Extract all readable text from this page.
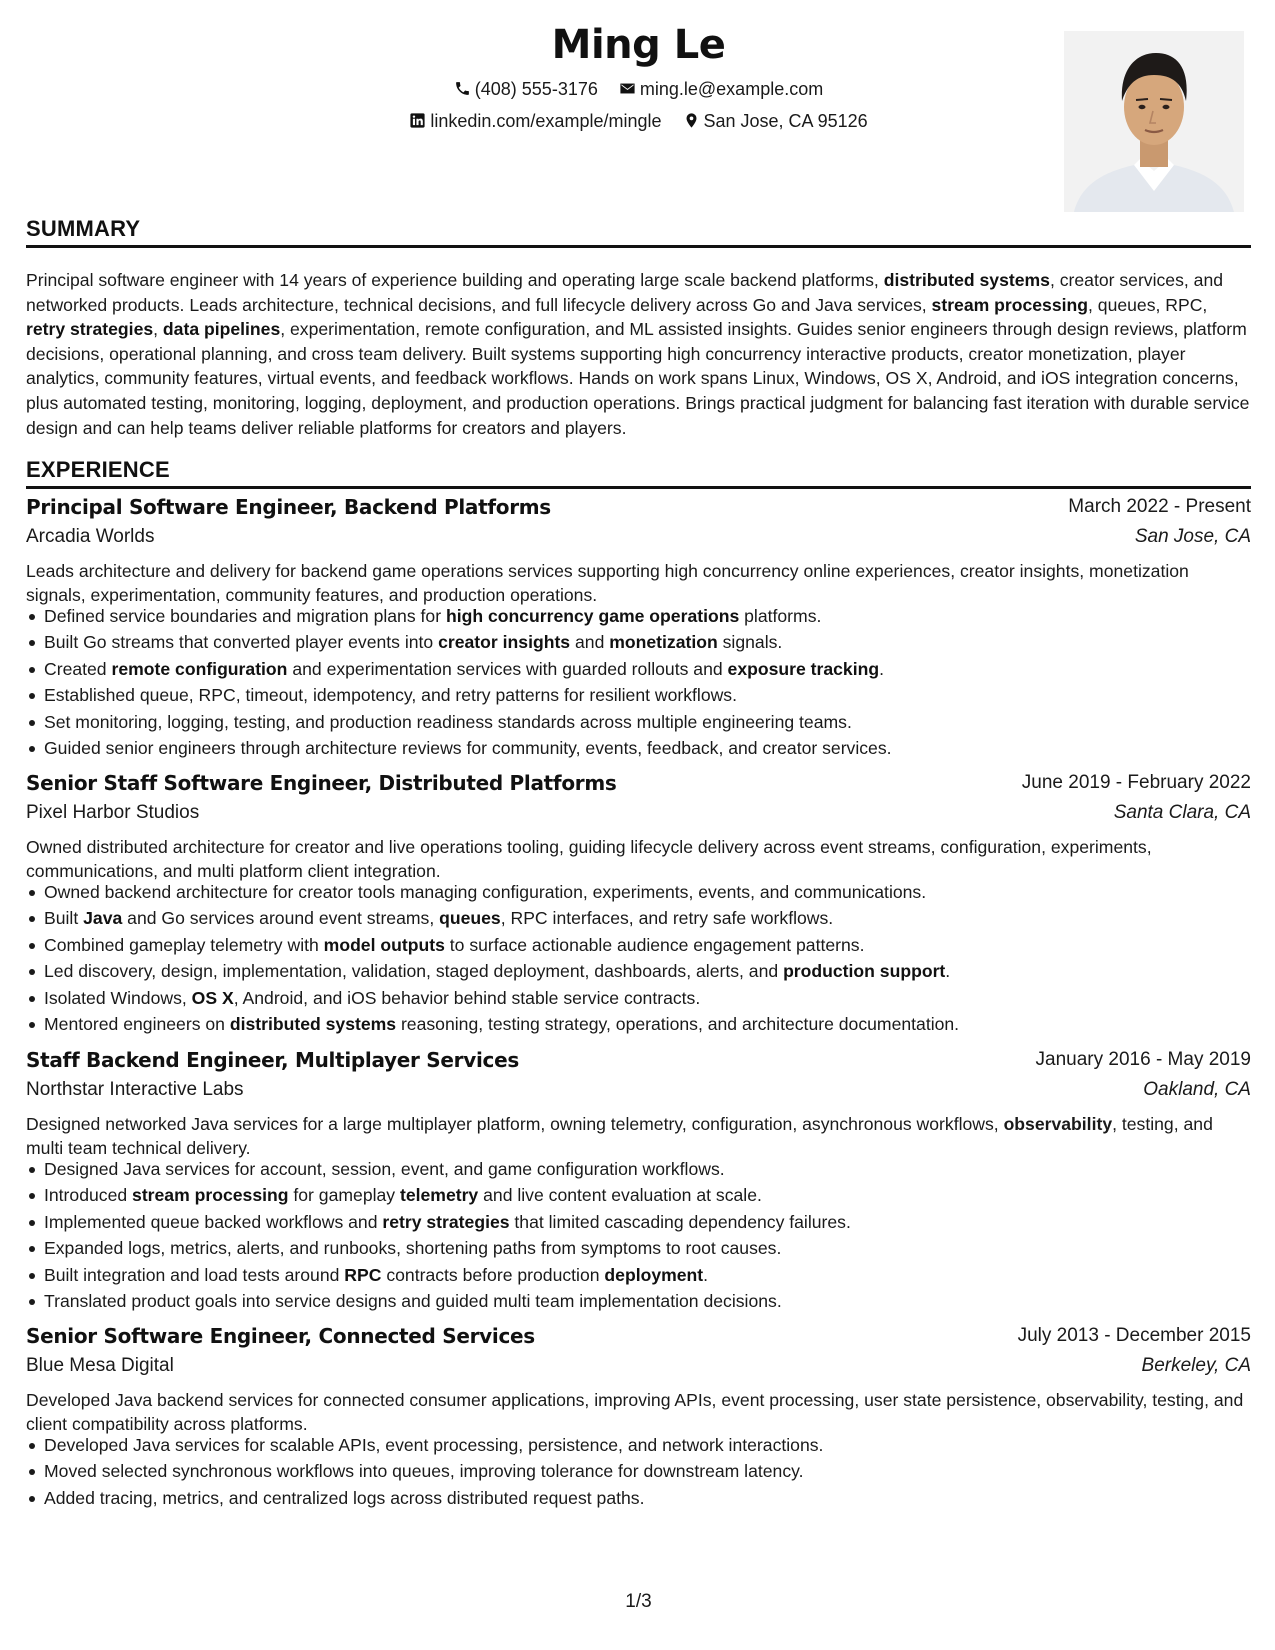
Ming Le
(408) 555-3176 ming.le@example.com
linkedin.com/example/mingle San Jose, CA 95126
SUMMARY
Principal software engineer with 14 years of experience building and operating large scale backend platforms, distributed systems, creator services, and networked products. Leads architecture, technical decisions, and full lifecycle delivery across Go and Java services, stream processing, queues, RPC, retry strategies, data pipelines, experimentation, remote configuration, and ML assisted insights. Guides senior engineers through design reviews, platform decisions, operational planning, and cross team delivery. Built systems supporting high concurrency interactive products, creator monetization, player analytics, community features, virtual events, and feedback workflows. Hands on work spans Linux, Windows, OS X, Android, and iOS integration concerns, plus automated testing, monitoring, logging, deployment, and production operations. Brings practical judgment for balancing fast iteration with durable service design and can help teams deliver reliable platforms for creators and players.
EXPERIENCE
Principal Software Engineer, Backend Platforms	March 2022 - Present
Arcadia Worlds	San Jose, CA
Leads architecture and delivery for backend game operations services supporting high concurrency online experiences, creator insights, monetization signals, experimentation, community features, and production operations.
Defined service boundaries and migration plans for high concurrency game operations platforms.
Built Go streams that converted player events into creator insights and monetization signals.
Created remote configuration and experimentation services with guarded rollouts and exposure tracking.
Established queue, RPC, timeout, idempotency, and retry patterns for resilient workflows.
Set monitoring, logging, testing, and production readiness standards across multiple engineering teams.
Guided senior engineers through architecture reviews for community, events, feedback, and creator services.
Senior Staff Software Engineer, Distributed Platforms	June 2019 - February 2022
Pixel Harbor Studios	Santa Clara, CA
Owned distributed architecture for creator and live operations tooling, guiding lifecycle delivery across event streams, configuration, experiments, communications, and multi platform client integration.
Owned backend architecture for creator tools managing configuration, experiments, events, and communications.
Built Java and Go services around event streams, queues, RPC interfaces, and retry safe workflows.
Combined gameplay telemetry with model outputs to surface actionable audience engagement patterns.
Led discovery, design, implementation, validation, staged deployment, dashboards, alerts, and production support.
Isolated Windows, OS X, Android, and iOS behavior behind stable service contracts.
Mentored engineers on distributed systems reasoning, testing strategy, operations, and architecture documentation.
Staff Backend Engineer, Multiplayer Services	January 2016 - May 2019
Northstar Interactive Labs	Oakland, CA
Designed networked Java services for a large multiplayer platform, owning telemetry, configuration, asynchronous workflows, observability, testing, and multi team technical delivery.
Designed Java services for account, session, event, and game configuration workflows.
Introduced stream processing for gameplay telemetry and live content evaluation at scale.
Implemented queue backed workflows and retry strategies that limited cascading dependency failures.
Expanded logs, metrics, alerts, and runbooks, shortening paths from symptoms to root causes.
Built integration and load tests around RPC contracts before production deployment.
Translated product goals into service designs and guided multi team implementation decisions.
Senior Software Engineer, Connected Services	July 2013 - December 2015
Blue Mesa Digital	Berkeley, CA
Developed Java backend services for connected consumer applications, improving APIs, event processing, user state persistence, observability, testing, and client compatibility across platforms.
Developed Java services for scalable APIs, event processing, persistence, and network interactions.
Moved selected synchronous workflows into queues, improving tolerance for downstream latency.
Added tracing, metrics, and centralized logs across distributed request paths.
1/3
